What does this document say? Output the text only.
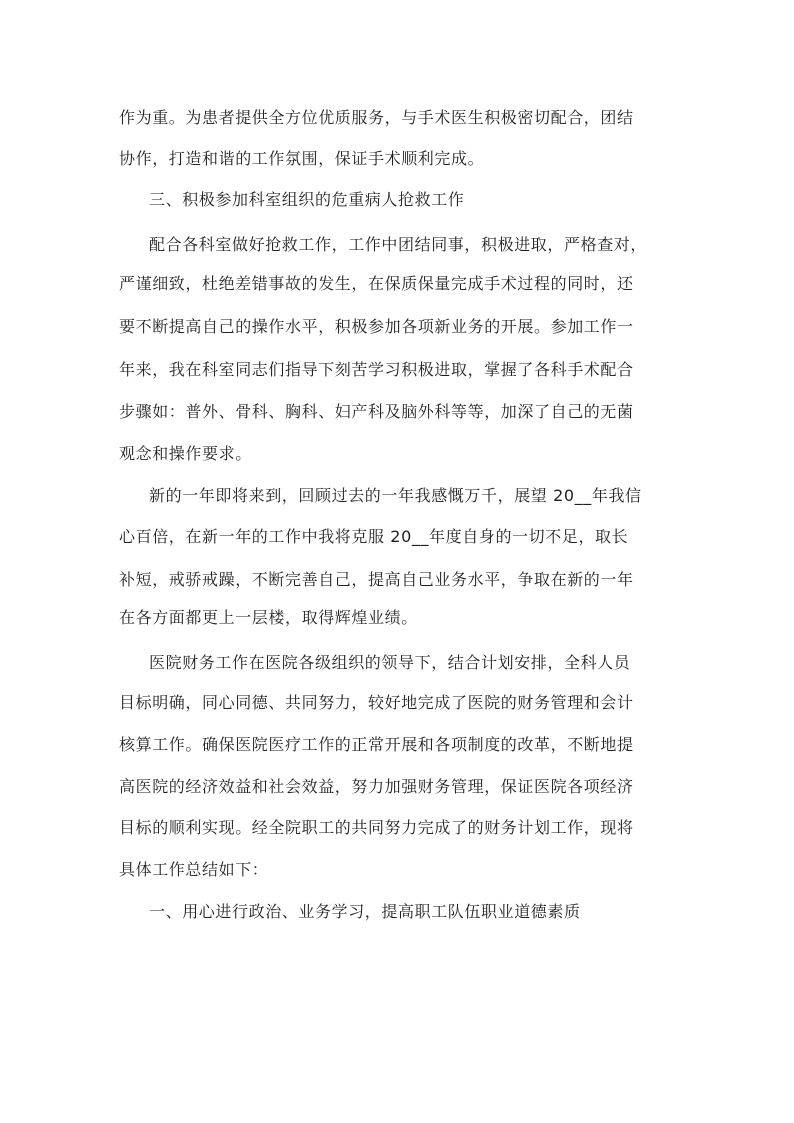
作为重。为患者提供全方位优质服务，与手术医生积极密切配合，团结
协作，打造和谐的工作氛围，保证手术顺利完成。
三、积极参加科室组织的危重病人抢救工作
配合各科室做好抢救工作，工作中团结同事，积极进取，严格查对，
严谨细致，杜绝差错事故的发生，在保质保量完成手术过程的同时，还
要不断提高自己的操作水平，积极参加各项新业务的开展。参加工作一
年来，我在科室同志们指导下刻苦学习积极进取，掌握了各科手术配合
步骤如：普外、骨科、胸科、妇产科及脑外科等等，加深了自己的无菌
观念和操作要求。
新的一年即将来到，回顾过去的一年我感慨万千，展望 20__年我信
心百倍，在新一年的工作中我将克服 20__年度自身的一切不足，取长
补短，戒骄戒躁，不断完善自己，提高自己业务水平，争取在新的一年
在各方面都更上一层楼，取得辉煌业绩。
医院财务工作在医院各级组织的领导下，结合计划安排，全科人员
目标明确，同心同德、共同努力，较好地完成了医院的财务管理和会计
核算工作。确保医院医疗工作的正常开展和各项制度的改革，不断地提
高医院的经济效益和社会效益，努力加强财务管理，保证医院各项经济
目标的顺利实现。经全院职工的共同努力完成了的财务计划工作，现将
具体工作总结如下：
一、用心进行政治、业务学习，提高职工队伍职业道德素质
